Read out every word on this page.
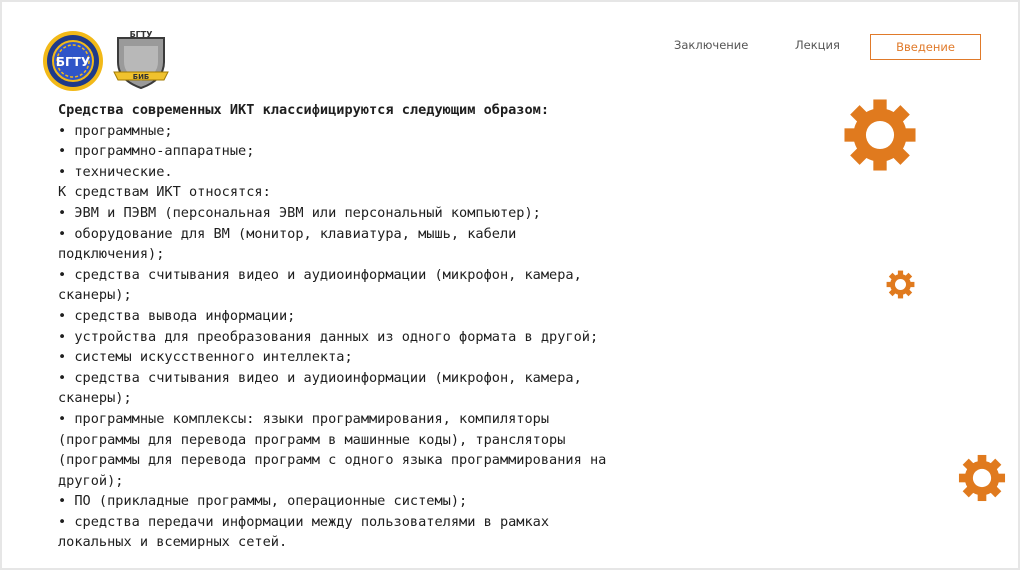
БГТУ
БГТУ
БИБ
Заключение	Лекция	Введение
Средства современных ИКТ классифицируются следующим образом:
• программные;
• программно-аппаратные;
• технические.
К средствам ИКТ относятся:
• ЭВМ и ПЭВМ (персональная ЭВМ или персональный компьютер);
• оборудование для ВМ (монитор, клавиатура, мышь, кабели
подключения);
• средства считывания видео и аудиоинформации (микрофон, камера,
сканеры);
• средства вывода информации;
• устройства для преобразования данных из одного формата в другой;
• системы искусственного интеллекта;
• средства считывания видео и аудиоинформации (микрофон, камера,
сканеры);
• программные комплексы: языки программирования, компиляторы
(программы для перевода программ в машинные коды), трансляторы
(программы для перевода программ с одного языка программирования на
другой);
• ПО (прикладные программы, операционные системы);
• средства передачи информации между пользователями в рамках
локальных и всемирных сетей.
